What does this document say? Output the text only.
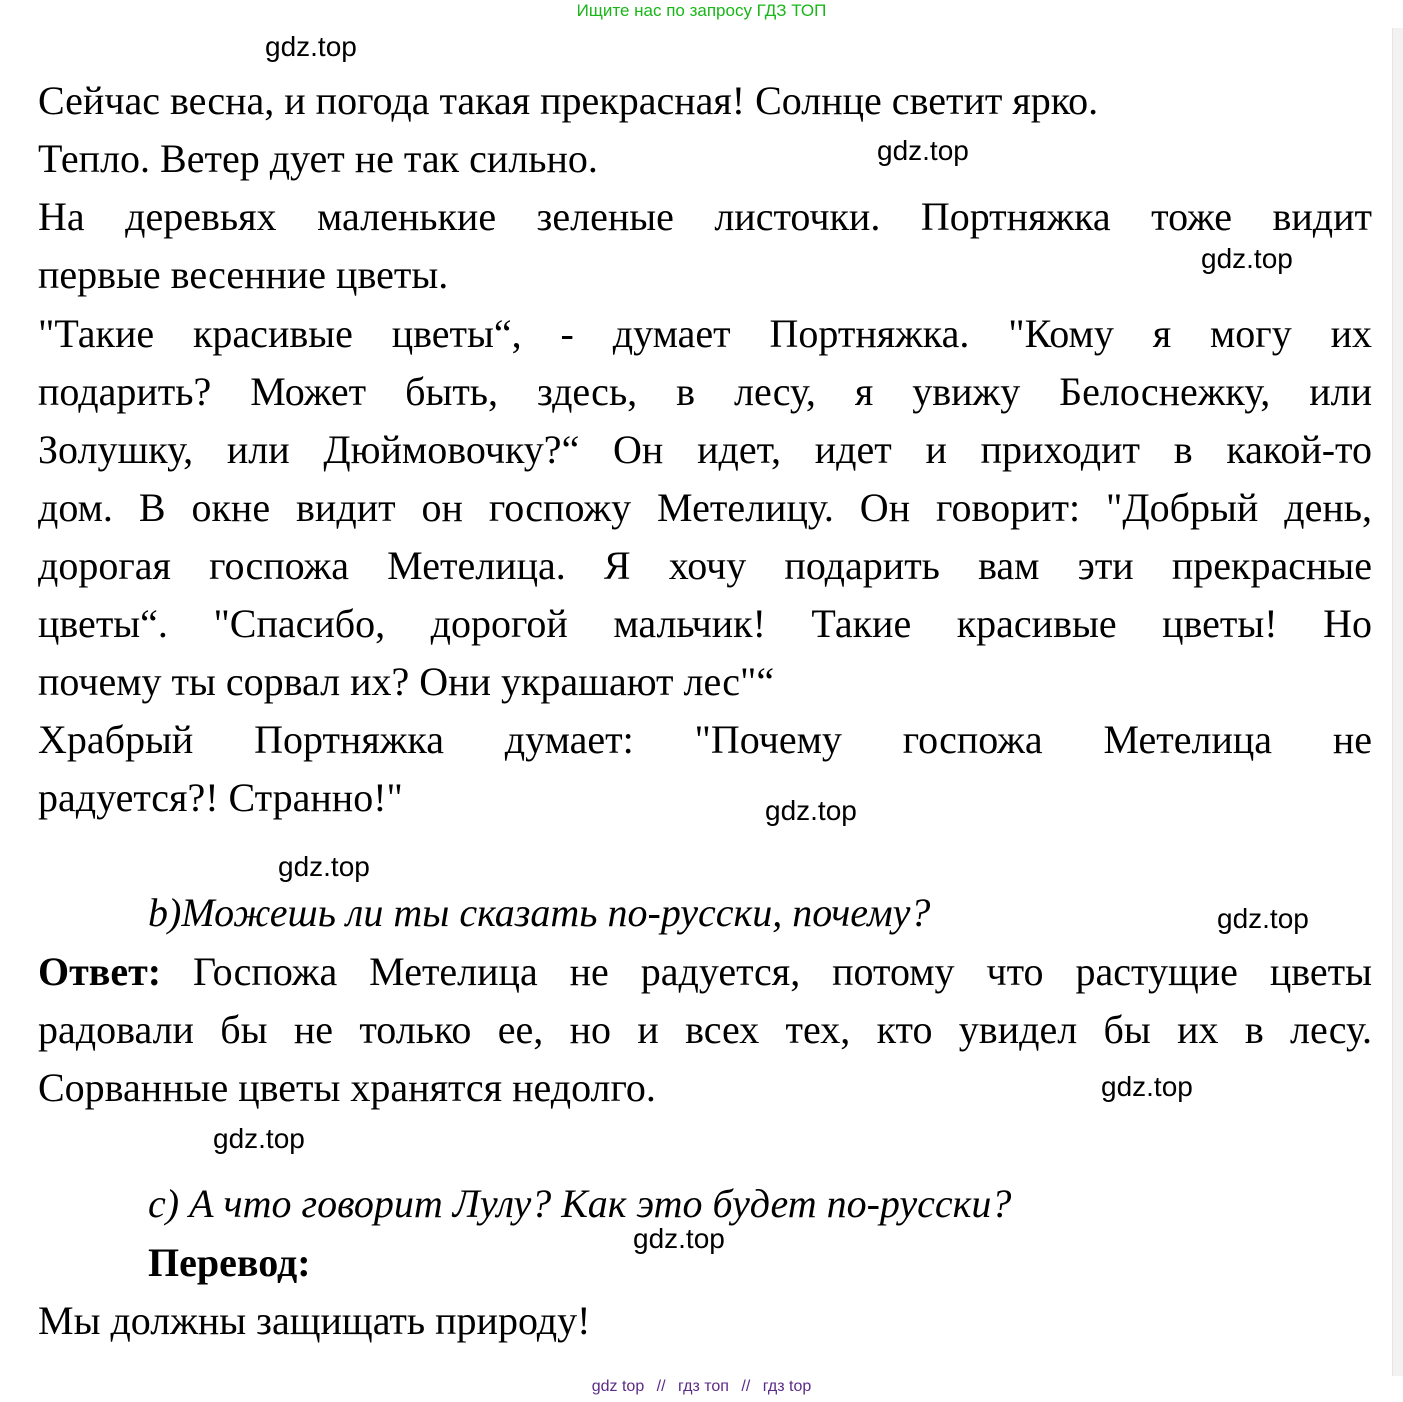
Ищите нас по запросу ГДЗ ТОП
gdz.top
gdz.top
gdz.top
gdz.top
gdz.top
gdz.top
gdz.top
gdz.top
gdz.top
Сейчас весна, и погода такая прекрасная! Солнце светит ярко.
Тепло. Ветер дует не так сильно.
На деревьях маленькие зеленые листочки. Портняжка тоже видит
первые весенние цветы.
"Такие красивые цветы“, - думает Портняжка. "Кому я могу их
подарить? Может быть, здесь, в лесу, я увижу Белоснежку, или
Золушку, или Дюймовочку?“ Он идет, идет и приходит в какой-то
дом. В окне видит он госпожу Метелицу. Он говорит: "Добрый день,
дорогая госпожа Метелица. Я хочу подарить вам эти прекрасные
цветы“. "Спасибо, дорогой мальчик! Такие красивые цветы! Но
почему ты сорвал их? Они украшают лес"“
Храбрый Портняжка думает: "Почему госпожа Метелица не
радуется?! Странно!"
b)Можешь ли ты сказать по-русски, почему?
Ответ: Госпожа Метелица не радуется, потому что растущие цветы
радовали бы не только ее, но и всех тех, кто увидел бы их в лесу.
Сорванные цветы хранятся недолго.
c) А что говорит Лулу? Как это будет по-русски?
Перевод:
Мы должны защищать природу!
gdz top // гдз топ // гдз top
